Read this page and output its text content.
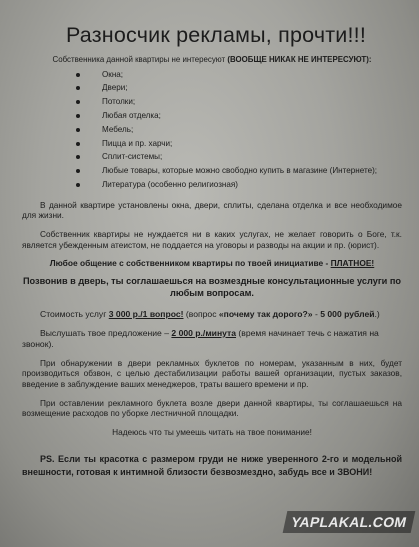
Разносчик рекламы, прочти!!!
Собственника данной квартиры не интересуют (ВООБЩЕ НИКАК НЕ ИНТЕРЕСУЮТ):
Окна;
Двери;
Потолки;
Любая отделка;
Мебель;
Пицца и пр. харчи;
Сплит-системы;
Любые товары, которые можно свободно купить в магазине (Интернете);
Литература (особенно религиозная)
В данной квартире установлены окна, двери, сплиты, сделана отделка и все необходимое для жизни.
Собственник квартиры не нуждается ни в каких услугах, не желает говорить о Боге, т.к. является убежденным атеистом, не поддается на уговоры и разводы на акции и пр. (юрист).
Любое общение с собственником квартиры по твоей инициативе - ПЛАТНОЕ!
Позвонив в дверь, ты соглашаешься на возмездные консультационные услуги по любым вопросам.
Стоимость услуг 3 000 р./1 вопрос! (вопрос «почему так дорого?» - 5 000 рублей.)
Выслушать твое предложение – 2 000 р./минута (время начинает течь с нажатия на звонок).
При обнаружении в двери рекламных буклетов по номерам, указанным в них, будет производиться обзвон, с целью дестабилизации работы вашей организации, пустых заказов, введение в заблуждение ваших менеджеров, траты вашего времени и пр.
При оставлении рекламного буклета возле двери данной квартиры, ты соглашаешься на возмещение расходов по уборке лестничной площадки.
Надеюсь что ты умеешь читать на твое понимание!
PS. Если ты красотка с размером груди не ниже уверенного 2-го и модельной внешности, готовая к интимной близости безвозмездно, забудь все и ЗВОНИ!
YAPLAKAL.COM
